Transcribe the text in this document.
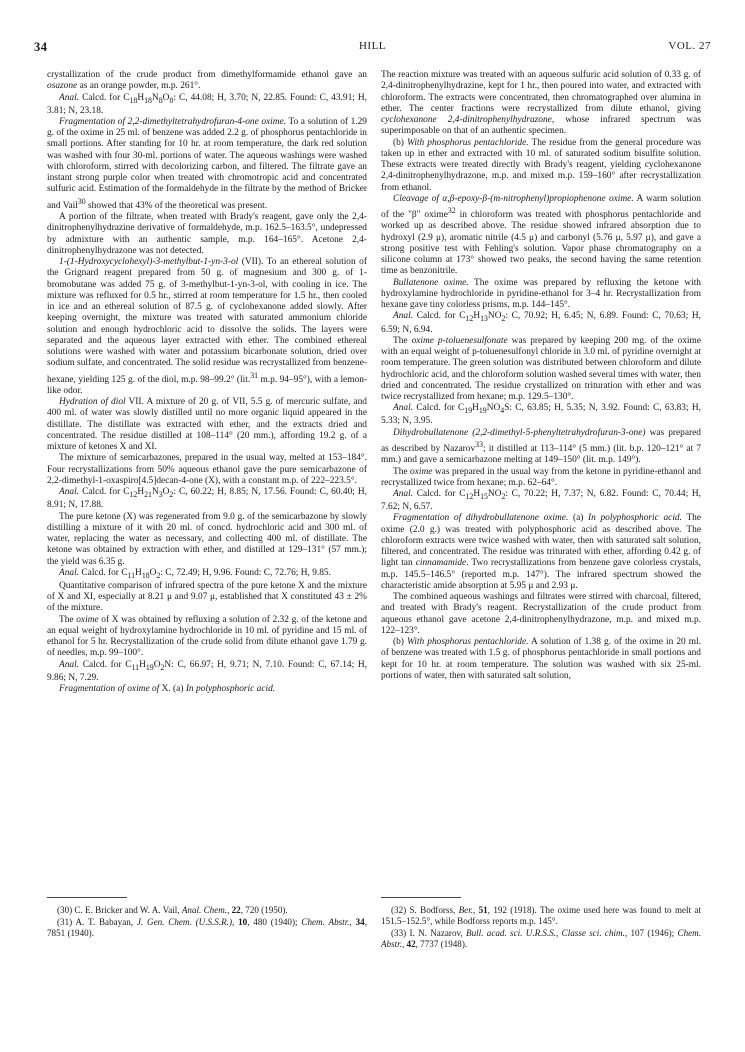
34	HILL	VOL. 27

crystallization of the crude product from dimethylformamide ethanol gave an osazone as an orange powder, m.p. 261°.

Anal. Calcd. for $C_{18}H_{18}N_8O_8$: C, 44.08; H, 3.70; N, 22.85. Found: C, 43.91; H, 3.81; N, 23.18.

Fragmentation of 2,2-dimethyltetrahydrofuran-4-one oxime. To a solution of 1.29 g. of the oxime in 25 ml. of benzene was added 2.2 g. of phosphorus pentachloride in small portions. After standing for 10 hr. at room temperature, the dark red solution was washed with four 30-ml. portions of water. The aqueous washings were washed with chloroform, stirred with decolorizing carbon, and filtered. The filtrate gave an instant strong purple color when treated with chromotropic acid and concentrated sulfuric acid. Estimation of the formaldehyde in the filtrate by the method of Bricker and Vail$^{30}$ showed that 43% of the theoretical was present.

A portion of the filtrate, when treated with Brady's reagent, gave only the 2,4-dinitrophenylhydrazine derivative of formaldehyde, m.p. 162.5–163.5°, undepressed by admixture with an authentic sample, m.p. 164–165°. Acetone 2,4-dinitrophenylhydrazone was not detected.

1-(1-Hydroxycyclohexyl)-3-methylbut-1-yn-3-ol (VII). To an ethereal solution of the Grignard reagent prepared from 50 g. of magnesium and 300 g. of 1-bromobutane was added 75 g. of 3-methylbut-1-yn-3-ol, with cooling in ice. The mixture was refluxed for 0.5 hr., stirred at room temperature for 1.5 hr., then cooled in ice and an ethereal solution of 87.5 g. of cyclohexanone added slowly. After keeping overnight, the mixture was treated with saturated ammonium chloride solution and enough hydrochloric acid to dissolve the solids. The layers were separated and the aqueous layer extracted with ether. The combined ethereal solutions were washed with water and potassium bicarbonate solution, dried over sodium sulfate, and concentrated. The solid residue was recrystallized from benzene-hexane, yielding 125 g. of the diol, m.p. 98–99.2° (lit.$^{31}$ m.p. 94–95°), with a lemon-like odor.

Hydration of diol VII. A mixture of 20 g. of VII, 5.5 g. of mercuric sulfate, and 400 ml. of water was slowly distilled until no more organic liquid appeared in the distillate. The distillate was extracted with ether, and the extracts dried and concentrated. The residue distilled at 108–114° (20 mm.), affording 19.2 g. of a mixture of ketones X and XI.

The mixture of semicarbazones, prepared in the usual way, melted at 153–184°. Four recrystallizations from 50% aqueous ethanol gave the pure semicarbazone of 2,2-dimethyl-1-oxaspiro[4.5]decan-4-one (X), with a constant m.p. of 222–223.5°.

Anal. Calcd. for $C_{12}H_{21}N_3O_2$: C, 60.22; H, 8.85; N, 17.56. Found: C, 60.40; H, 8.91; N, 17.88.

The pure ketone (X) was regenerated from 9.0 g. of the semicarbazone by slowly distilling a mixture of it with 20 ml. of concd. hydrochloric acid and 300 ml. of water, replacing the water as necessary, and collecting 400 ml. of distillate. The ketone was obtained by extraction with ether, and distilled at 129–131° (57 mm.); the yield was 6.35 g.

Anal. Calcd. for $C_{11}H_{18}O_2$: C, 72.49; H, 9.96. Found: C, 72.76; H, 9.85.

Quantitative comparison of infrared spectra of the pure ketone X and the mixture of X and XI, especially at 8.21 μ and 9.07 μ, established that X constituted 43 ± 2% of the mixture.

The oxime of X was obtained by refluxing a solution of 2.32 g. of the ketone and an equal weight of hydroxylamine hydrochloride in 10 ml. of pyridine and 15 ml. of ethanol for 5 hr. Recrystallization of the crude solid from dilute ethanol gave 1.79 g. of needles, m.p. 99–100°.

Anal. Calcd. for $C_{11}H_{19}O_2N$: C, 66.97; H, 9.71; N, 7.10. Found: C, 67.14; H, 9.86; N, 7.29.

Fragmentation of oxime of X. (a) In polyphosphoric acid.

The reaction mixture was treated with an aqueous sulfuric acid solution of 0.33 g. of 2,4-dinitrophenylhydrazine, kept for 1 hr., then poured into water, and extracted with chloroform. The extracts were concentrated, then chromatographed over alumina in ether. The center fractions were recrystallized from dilute ethanol, giving cyclohexanone 2,4-dinitrophenylhydrazone, whose infrared spectrum was superimposable on that of an authentic specimen.

(b) With phosphorus pentachloride. The residue from the general procedure was taken up in ether and extracted with 10 ml. of saturated sodium bisulfite solution. These extracts were treated directly with Brady's reagent, yielding cyclohexanone 2,4-dinitrophenylhydrazone, m.p. and mixed m.p. 159–160° after recrystallization from ethanol.

Cleavage of α,β-epoxy-β-(m-nitrophenyl)propiophenone oxime. A warm solution of the "β" oxime$^{32}$ in chloroform was treated with phosphorus pentachloride and worked up as described above. The residue showed infrared absorption due to hydroxyl (2.9 μ), aromatic nitrile (4.5 μ) and carbonyl (5.76 μ, 5.97 μ), and gave a strong positive test with Fehling's solution. Vapor phase chromatography on a silicone column at 173° showed two peaks, the second having the same retention time as benzonitrile.

Bullatenone oxime. The oxime was prepared by refluxing the ketone with hydroxylamine hydrochloride in pyridine-ethanol for 3–4 hr. Recrystallization from hexane gave tiny colorless prisms, m.p. 144–145°.

Anal. Calcd. for $C_{12}H_{13}NO_2$: C, 70.92; H, 6.45; N, 6.89. Found: C, 70.63; H, 6.59; N, 6.94.

The oxime p-toluenesulfonate was prepared by keeping 200 mg. of the oxime with an equal weight of p-toluenesulfonyl chloride in 3.0 ml. of pyridine overnight at room temperature. The green solution was distributed between chloroform and dilute hydrochloric acid, and the chloroform solution washed several times with water, then dried and concentrated. The residue crystallized on trituration with ether and was twice recrystallized from hexane; m.p. 129.5–130°.

Anal. Calcd. for $C_{19}H_{19}NO_4S$: C, 63.85; H, 5.35; N, 3.92. Found: C, 63.83; H, 5.33; N, 3.95.

Dihydrobullatenone (2,2-dimethyl-5-phenyltetrahydrofuran-3-one) was prepared as described by Nazarov$^{33}$; it distilled at 113–114° (5 mm.) (lit. b.p. 120–121° at 7 mm.) and gave a semicarbazone melting at 149–150° (lit. m.p. 149°).

The oxime was prepared in the usual way from the ketone in pyridine-ethanol and recrystallized twice from hexane; m.p. 62–64°.

Anal. Calcd. for $C_{12}H_{15}NO_2$: C, 70.22; H, 7.37; N, 6.82. Found: C, 70.44; H, 7.62; N, 6.57.

Fragmentation of dihydrobullatenone oxime. (a) In polyphosphoric acid. The oxime (2.0 g.) was treated with polyphosphoric acid as described above. The chloroform extracts were twice washed with water, then with saturated salt solution, filtered, and concentrated. The residue was triturated with ether, affording 0.42 g. of light tan cinnamamide. Two recrystallizations from benzene gave colorless crystals, m.p. 145.5–146.5° (reported m.p. 147°). The infrared spectrum showed the characteristic amide absorption at 5.95 μ and 2.93 μ.

The combined aqueous washings and filtrates were stirred with charcoal, filtered, and treated with Brady's reagent. Recrystallization of the crude product from aqueous ethanol gave acetone 2,4-dinitrophenylhydrazone, m.p. and mixed m.p. 122–123°.

(b) With phosphorus pentachloride. A solution of 1.38 g. of the oxime in 20 ml. of benzene was treated with 1.5 g. of phosphorus pentachloride in small portions and kept for 10 hr. at room temperature. The solution was washed with six 25-ml. portions of water, then with saturated salt solution,

(30) C. E. Bricker and W. A. Vail, Anal. Chem., 22, 720 (1950).

(31) A. T. Babayan, J. Gen. Chem. (U.S.S.R.), 10, 480 (1940); Chem. Abstr., 34, 7851 (1940).

(32) S. Bodforss, Ber., 51, 192 (1918). The oxime used here was found to melt at 151.5–152.5°, while Bodforss reports m.p. 145°.

(33) I. N. Nazarov, Bull. acad. sci. U.R.S.S., Classe sci. chim., 107 (1946); Chem. Abstr., 42, 7737 (1948).
